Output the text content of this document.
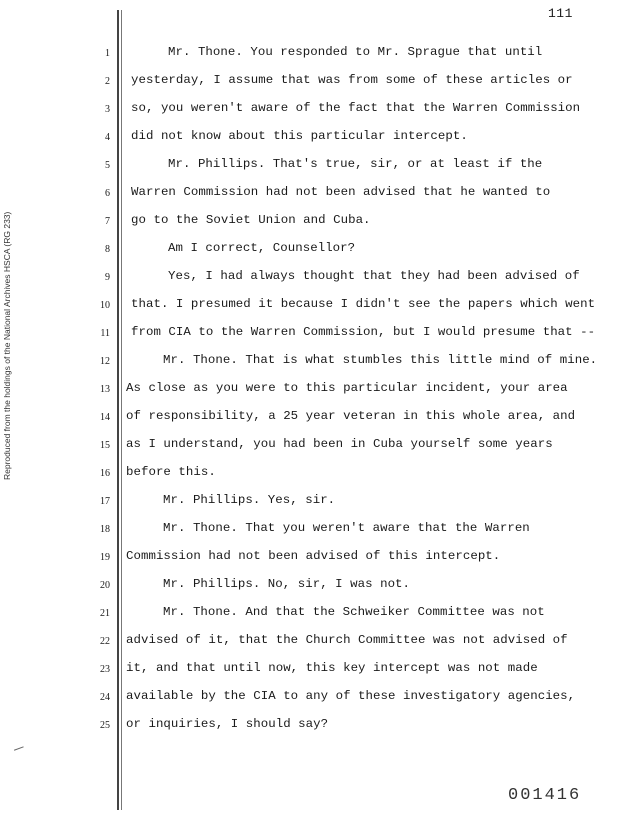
111
Reproduced from the holdings of the National Archives HSCA (RG 233)
1	Mr. Thone. You responded to Mr. Sprague that until
2 yesterday, I assume that was from some of these articles or
3 so, you weren't aware of the fact that the Warren Commission
4 did not know about this particular intercept.
5	Mr. Phillips. That's true, sir, or at least if the
6 Warren Commission had not been advised that he wanted to
7 go to the Soviet Union and Cuba.
8	Am I correct, Counsellor?
9	Yes, I had always thought that they had been advised of
10 that. I presumed it because I didn't see the papers which went
11 from CIA to the Warren Commission, but I would presume that --
12	Mr. Thone. That is what stumbles this little mind of mine.
13 As close as you were to this particular incident, your area
14 of responsibility, a 25 year veteran in this whole area, and
15 as I understand, you had been in Cuba yourself some years
16 before this.
17	Mr. Phillips. Yes, sir.
18	Mr. Thone. That you weren't aware that the Warren
19 Commission had not been advised of this intercept.
20	Mr. Phillips. No, sir, I was not.
21	Mr. Thone. And that the Schweiker Committee was not
22 advised of it, that the Church Committee was not advised of
23 it, and that until now, this key intercept was not made
24 available by the CIA to any of these investigatory agencies,
25 or inquiries, I should say?
001416
